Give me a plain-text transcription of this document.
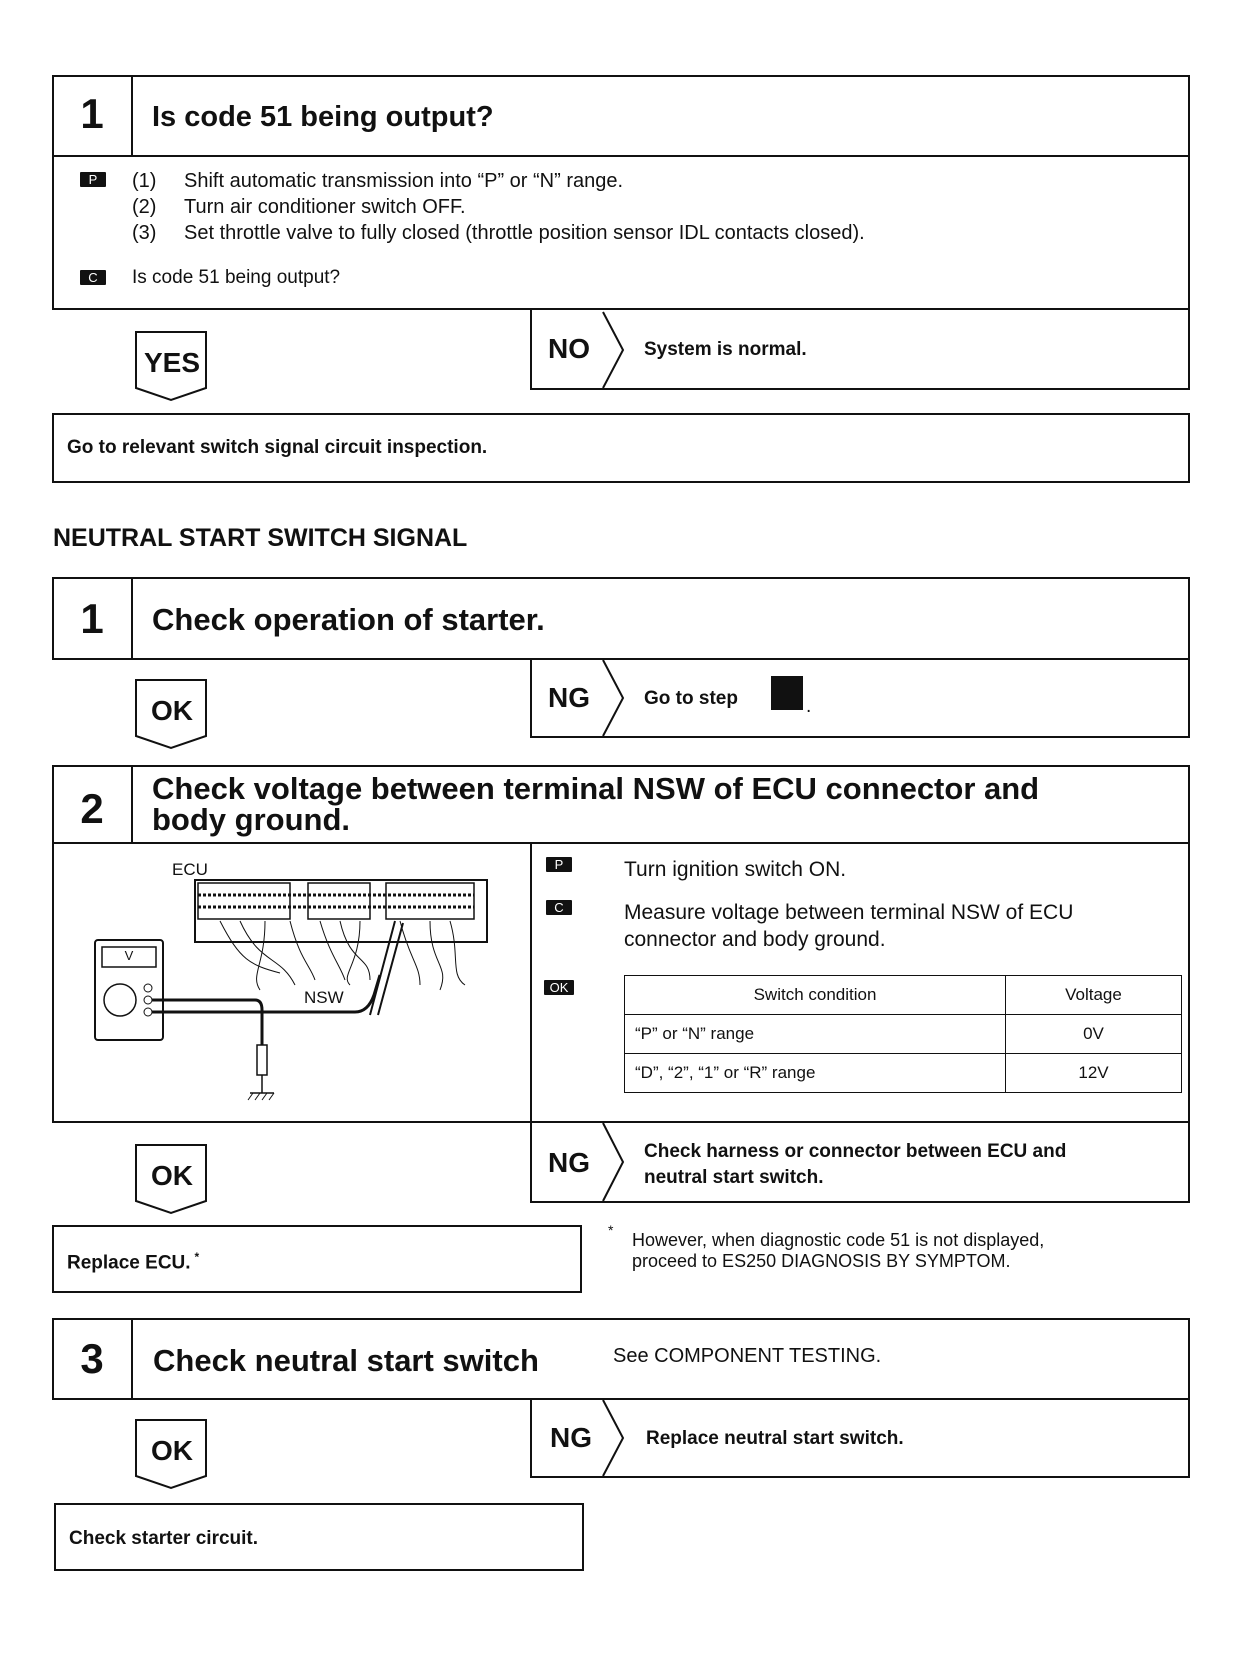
1	Is code 51 being output?
P	(1) Shift automatic transmission into “P” or “N” range.
(2) Turn air conditioner switch OFF.
(3) Set throttle valve to fully closed (throttle position sensor IDL contacts closed).
C	Is code 51 being output?
YES	NO	System is normal.
Go to relevant switch signal circuit inspection.
NEUTRAL START SWITCH SIGNAL
1	Check operation of starter.
OK	NG	Go to step	.
2	Check voltage between terminal NSW of ECU connector and
body ground.
ECU
NSW
V
P	Turn ignition switch ON.
C	Measure voltage between terminal NSW of ECU
connector and body ground.
OK	Switch condition	Voltage
“P” or “N” range	0V
“D”, “2”, “1” or “R” range	12V
OK	NG	Check harness or connector between ECU and
neutral start switch.
Replace ECU. *
* However, when diagnostic code 51 is not displayed,
proceed to ES250 DIAGNOSIS BY SYMPTOM.
3	Check neutral start switch	See COMPONENT TESTING.
OK	NG	Replace neutral start switch.
Check starter circuit.
